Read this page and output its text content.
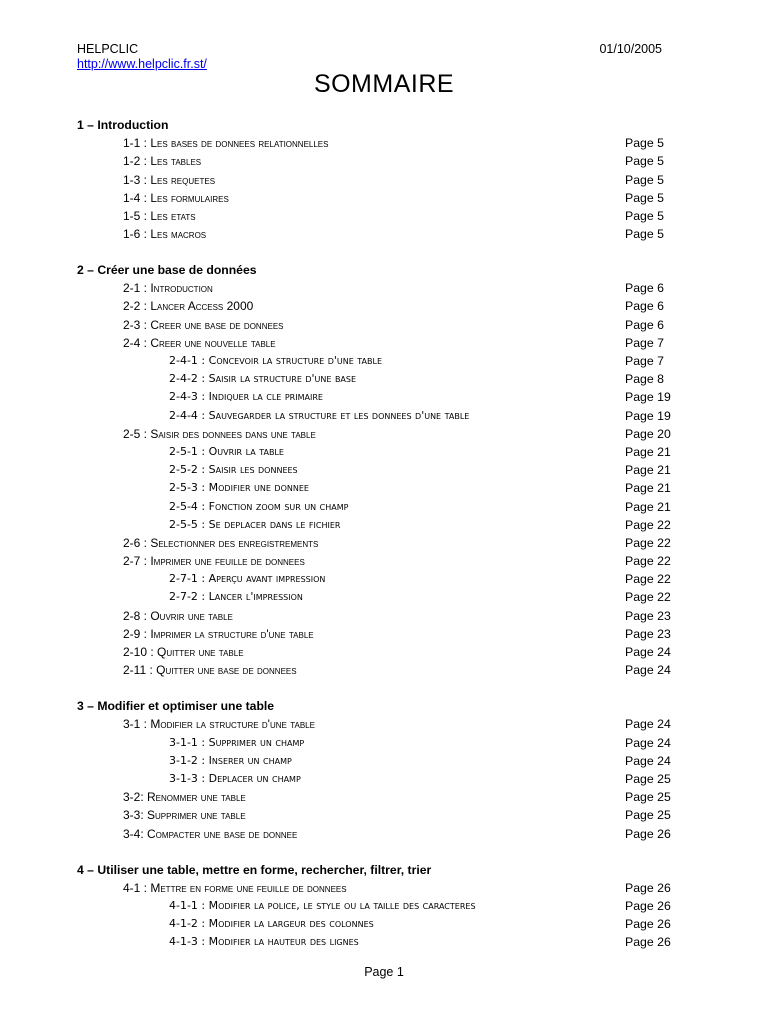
HELPCLIC
http://www.helpclic.fr.st/
01/10/2005
SOMMAIRE
1 – Introduction
1-1 : Les bases de donnees relationnelles	Page 5
1-2 : Les tables	Page 5
1-3 : Les requetes	Page 5
1-4 : Les formulaires	Page 5
1-5 : Les etats	Page 5
1-6 : Les macros	Page 5
2 – Créer une base de données
2-1 : Introduction	Page 6
2-2 : Lancer Access 2000	Page 6
2-3 : Creer une base de donnees	Page 6
2-4 : Creer une nouvelle table	Page 7
2-4-1 : Concevoir la structure d'une table	Page 7
2-4-2 : Saisir la structure d'une base	Page 8
2-4-3 : Indiquer la cle primaire	Page 19
2-4-4 : Sauvegarder la structure et les donnees d'une table	Page 19
2-5 : Saisir des donnees dans une table	Page 20
2-5-1 : Ouvrir la table	Page 21
2-5-2 : Saisir les donnees	Page 21
2-5-3 : Modifier une donnee	Page 21
2-5-4 : Fonction zoom sur un champ	Page 21
2-5-5 : Se deplacer dans le fichier	Page 22
2-6 : Selectionner des enregistrements	Page 22
2-7 : Imprimer une feuille de donnees	Page 22
2-7-1 : Aperçu avant impression	Page 22
2-7-2 : Lancer l'impression	Page 22
2-8 : Ouvrir une table	Page 23
2-9 : Imprimer la structure d'une table	Page 23
2-10 : Quitter une table	Page 24
2-11 : Quitter une base de donnees	Page 24
3 – Modifier et optimiser une table
3-1 : Modifier la structure d'une table	Page 24
3-1-1 : Supprimer un champ	Page 24
3-1-2 : Inserer un champ	Page 24
3-1-3 : Deplacer un champ	Page 25
3-2: Renommer une table	Page 25
3-3: Supprimer une table	Page 25
3-4: Compacter une base de donnee	Page 26
4 – Utiliser une table, mettre en forme, rechercher, filtrer, trier
4-1 : Mettre en forme une feuille de donnees	Page 26
4-1-1 : Modifier la police, le style ou la taille des caracteres	Page 26
4-1-2 : Modifier la largeur des colonnes	Page 26
4-1-3 : Modifier la hauteur des lignes	Page 26
Page 1
